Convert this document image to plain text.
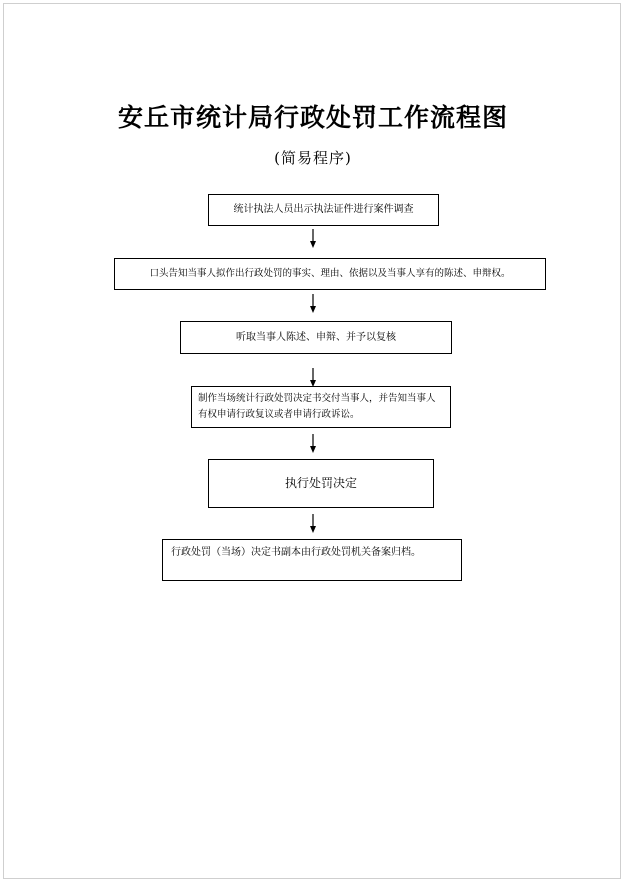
安丘市统计局行政处罚工作流程图
(简易程序)
统计执法人员出示执法证件进行案件调查
口头告知当事人拟作出行政处罚的事实、理由、依据以及当事人享有的陈述、申辩权。
听取当事人陈述、申辩、并予以复核
制作当场统计行政处罚决定书交付当事人，并告知当事人有权申请行政复议或者申请行政诉讼。
执行处罚决定
行政处罚（当场）决定书副本由行政处罚机关备案归档。
